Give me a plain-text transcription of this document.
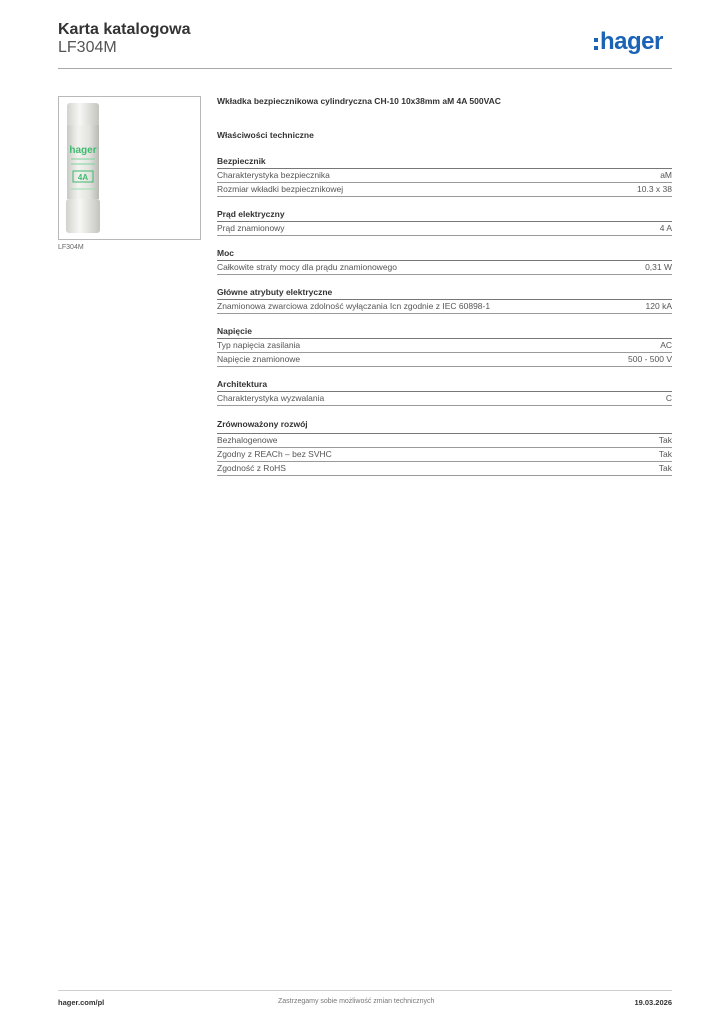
Karta katalogowa
LF304M	hager
hager
4A
LF304M
Wkładka bezpiecznikowa cylindryczna CH-10 10x38mm aM 4A 500VAC
Właściwości techniczne
Bezpiecznik
Charakterystyka bezpiecznika	aM
Rozmiar wkładki bezpiecznikowej	10.3 x 38
Prąd elektryczny
Prąd znamionowy	4 A
Moc
Całkowite straty mocy dla prądu znamionowego	0,31 W
Główne atrybuty elektryczne
Znamionowa zwarciowa zdolność wyłączania Icn zgodnie z IEC 60898-1	120 kA
Napięcie
Typ napięcia zasilania	AC
Napięcie znamionowe	500 - 500 V
Architektura
Charakterystyka wyzwalania	C
Zrównoważony rozwój
Bezhalogenowe	Tak
Zgodny z REACh – bez SVHC	Tak
Zgodność z RoHS	Tak
hager.com/pl	Zastrzegamy sobie możliwość zmian technicznych	19.03.2026
